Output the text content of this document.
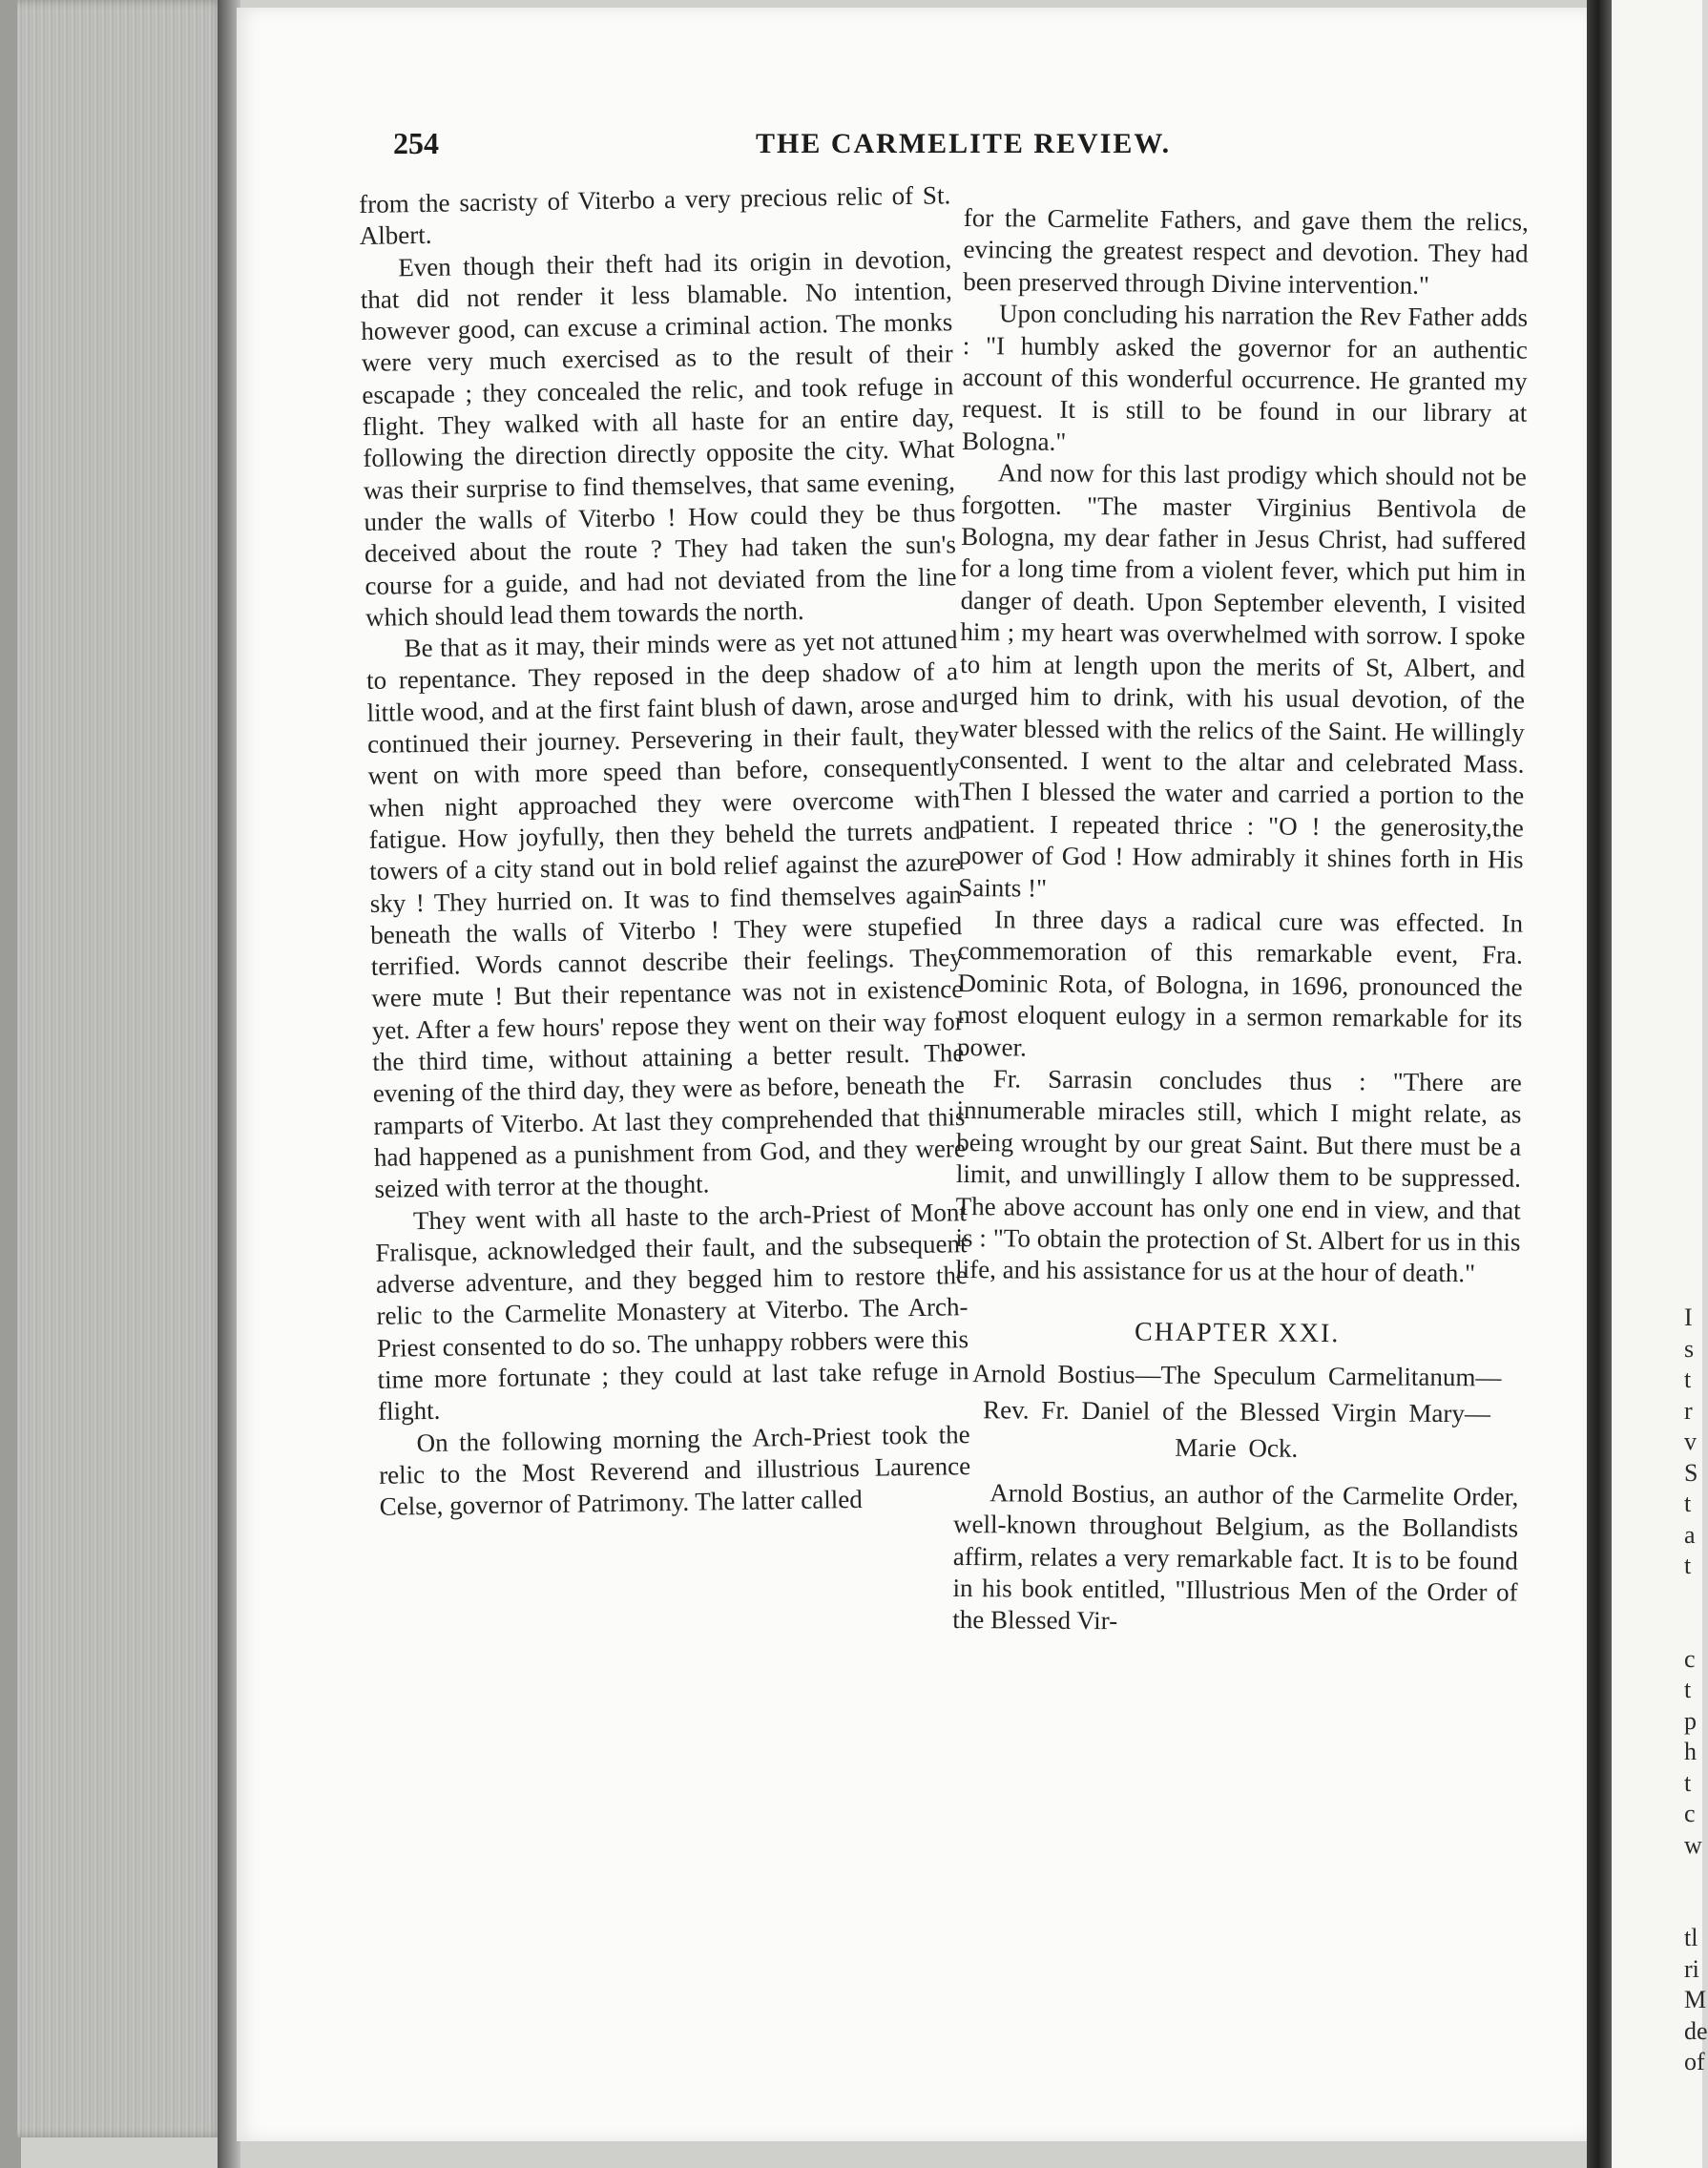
I
s
t
r
v
S
t
a
t
c
t
p
h
t
c
w
tl
ri
M
de
of
254	THE CARMELITE REVIEW.

from the sacristy of Viterbo a very precious relic of St. Albert.

Even though their theft had its origin in devotion, that did not render it less blamable. No intention, however good, can excuse a criminal action. The monks were very much exercised as to the result of their escapade ; they concealed the relic, and took refuge in flight. They walked with all haste for an entire day, following the direction directly opposite the city. What was their surprise to find themselves, that same evening, under the walls of Viterbo ! How could they be thus deceived about the route ? They had taken the sun's course for a guide, and had not deviated from the line which should lead them towards the north.

Be that as it may, their minds were as yet not attuned to repentance. They reposed in the deep shadow of a little wood, and at the first faint blush of dawn, arose and continued their journey. Persevering in their fault, they went on with more speed than before, consequently when night approached they were overcome with fatigue. How joyfully, then they beheld the turrets and towers of a city stand out in bold relief against the azure sky ! They hurried on. It was to find themselves again beneath the walls of Viterbo ! They were stupefied terrified. Words cannot describe their feelings. They were mute ! But their repentance was not in existence yet. After a few hours' repose they went on their way for the third time, without attaining a better result. The evening of the third day, they were as before, beneath the ramparts of Viterbo. At last they comprehended that this had happened as a punishment from God, and they were seized with terror at the thought.

They went with all haste to the arch-Priest of Mont Fralisque, acknowledged their fault, and the subsequent adverse adventure, and they begged him to restore the relic to the Carmelite Monastery at Viterbo. The Arch-Priest consented to do so. The unhappy robbers were this time more fortunate ; they could at last take refuge in flight.

On the following morning the Arch-Priest took the relic to the Most Reverend and illustrious Laurence Celse, governor of Patrimony. The latter called

for the Carmelite Fathers, and gave them the relics, evincing the greatest respect and devotion. They had been preserved through Divine intervention."

Upon concluding his narration the Rev Father adds : "I humbly asked the governor for an authentic account of this wonderful occurrence. He granted my request. It is still to be found in our library at Bologna."

And now for this last prodigy which should not be forgotten. "The master Virginius Bentivola de Bologna, my dear father in Jesus Christ, had suffered for a long time from a violent fever, which put him in danger of death. Upon September eleventh, I visited him ; my heart was overwhelmed with sorrow. I spoke to him at length upon the merits of St, Albert, and urged him to drink, with his usual devotion, of the water blessed with the relics of the Saint. He willingly consented. I went to the altar and celebrated Mass. Then I blessed the water and carried a portion to the patient. I repeated thrice : "O ! the generosity,the power of God ! How admirably it shines forth in His Saints !"

In three days a radical cure was effected. In commemoration of this remarkable event, Fra. Dominic Rota, of Bologna, in 1696, pronounced the most eloquent eulogy in a sermon remarkable for its power.

Fr. Sarrasin concludes thus : "There are innumerable miracles still, which I might relate, as being wrought by our great Saint. But there must be a limit, and unwillingly I allow them to be suppressed. The above account has only one end in view, and that is : "To obtain the protection of St. Albert for us in this life, and his assistance for us at the hour of death."

CHAPTER XXI.
Arnold Bostius—The Speculum Carmelitanum—Rev. Fr. Daniel of the Blessed Virgin Mary— Marie Ock.

Arnold Bostius, an author of the Carmelite Order, well-known throughout Belgium, as the Bollandists affirm, relates a very remarkable fact. It is to be found in his book entitled, "Illustrious Men of the Order of the Blessed Vir-
